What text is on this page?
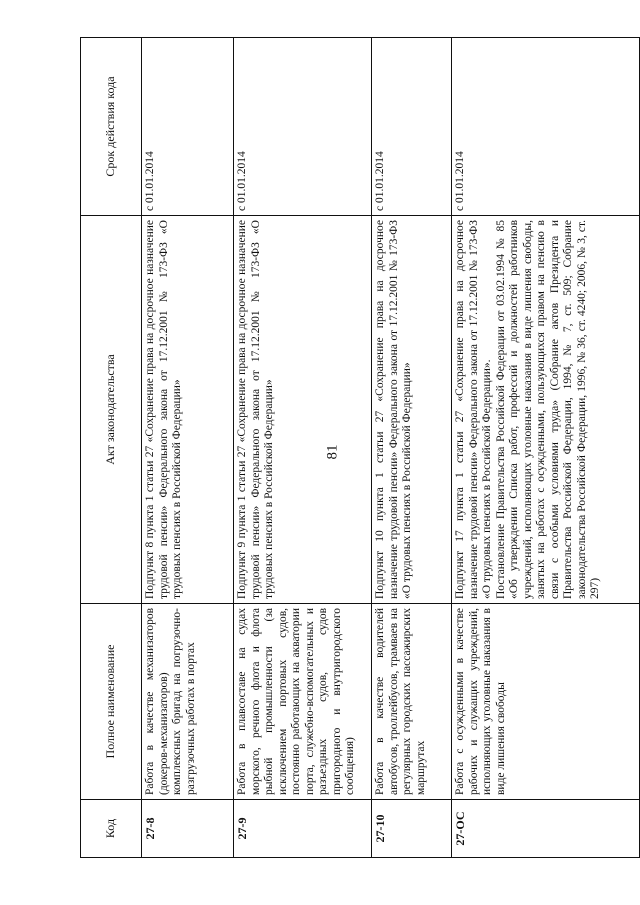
81
Код	Полное наименование	Акт законодательства	Срок действия кода
27-8	Работа в качестве механизаторов (докеров-механизаторов) комплексных бригад на погрузочно-разгрузочных работах в портах	Подпункт 8 пункта 1 статьи 27 «Сохранение права на досрочное назначение трудовой пенсии» Федерального закона от 17.12.2001 № 173-ФЗ «О трудовых пенсиях в Российской Федерации»	с 01.01.2014
27-9	Работа в плавсоставе на судах морского, речного флота и флота рыбной промышленности (за исключением портовых судов, постоянно работающих на акватории порта, служебно-вспомогательных и разъездных судов, судов пригородного и внутригородского сообщения)	Подпункт 9 пункта 1 статьи 27 «Сохранение права на досрочное назначение трудовой пенсии» Федерального закона от 17.12.2001 № 173-ФЗ «О трудовых пенсиях в Российской Федерации»	с 01.01.2014
27-10	Работа в качестве водителей автобусов, троллейбусов, трамваев на регулярных городских пассажирских маршрутах	Подпункт 10 пункта 1 статьи 27 «Сохранение права на досрочное назначение трудовой пенсии» Федерального закона от 17.12.2001 № 173-ФЗ «О трудовых пенсиях в Российской Федерации»	с 01.01.2014
27-ОС	Работа с осужденными в качестве рабочих и служащих учреждений, исполняющих уголовные наказания в виде лишения свободы	Подпункт 17 пункта 1 статьи 27 «Сохранение права на досрочное назначение трудовой пенсии» Федерального закона от 17.12.2001 № 173-ФЗ «О трудовых пенсиях в Российской Федерации». Постановление Правительства Российской Федерации от 03.02.1994 № 85 «Об утверждении Списка работ, профессий и должностей работников учреждений, исполняющих уголовные наказания в виде лишения свободы, занятых на работах с осужденными, пользующихся правом на пенсию в связи с особыми условиями труда» (Собрание актов Президента и Правительства Российской Федерации, 1994, № 7, ст. 509; Собрание законодательства Российской Федерации, 1996, № 36, ст. 4240; 2006, № 3, ст. 297)	с 01.01.2014
